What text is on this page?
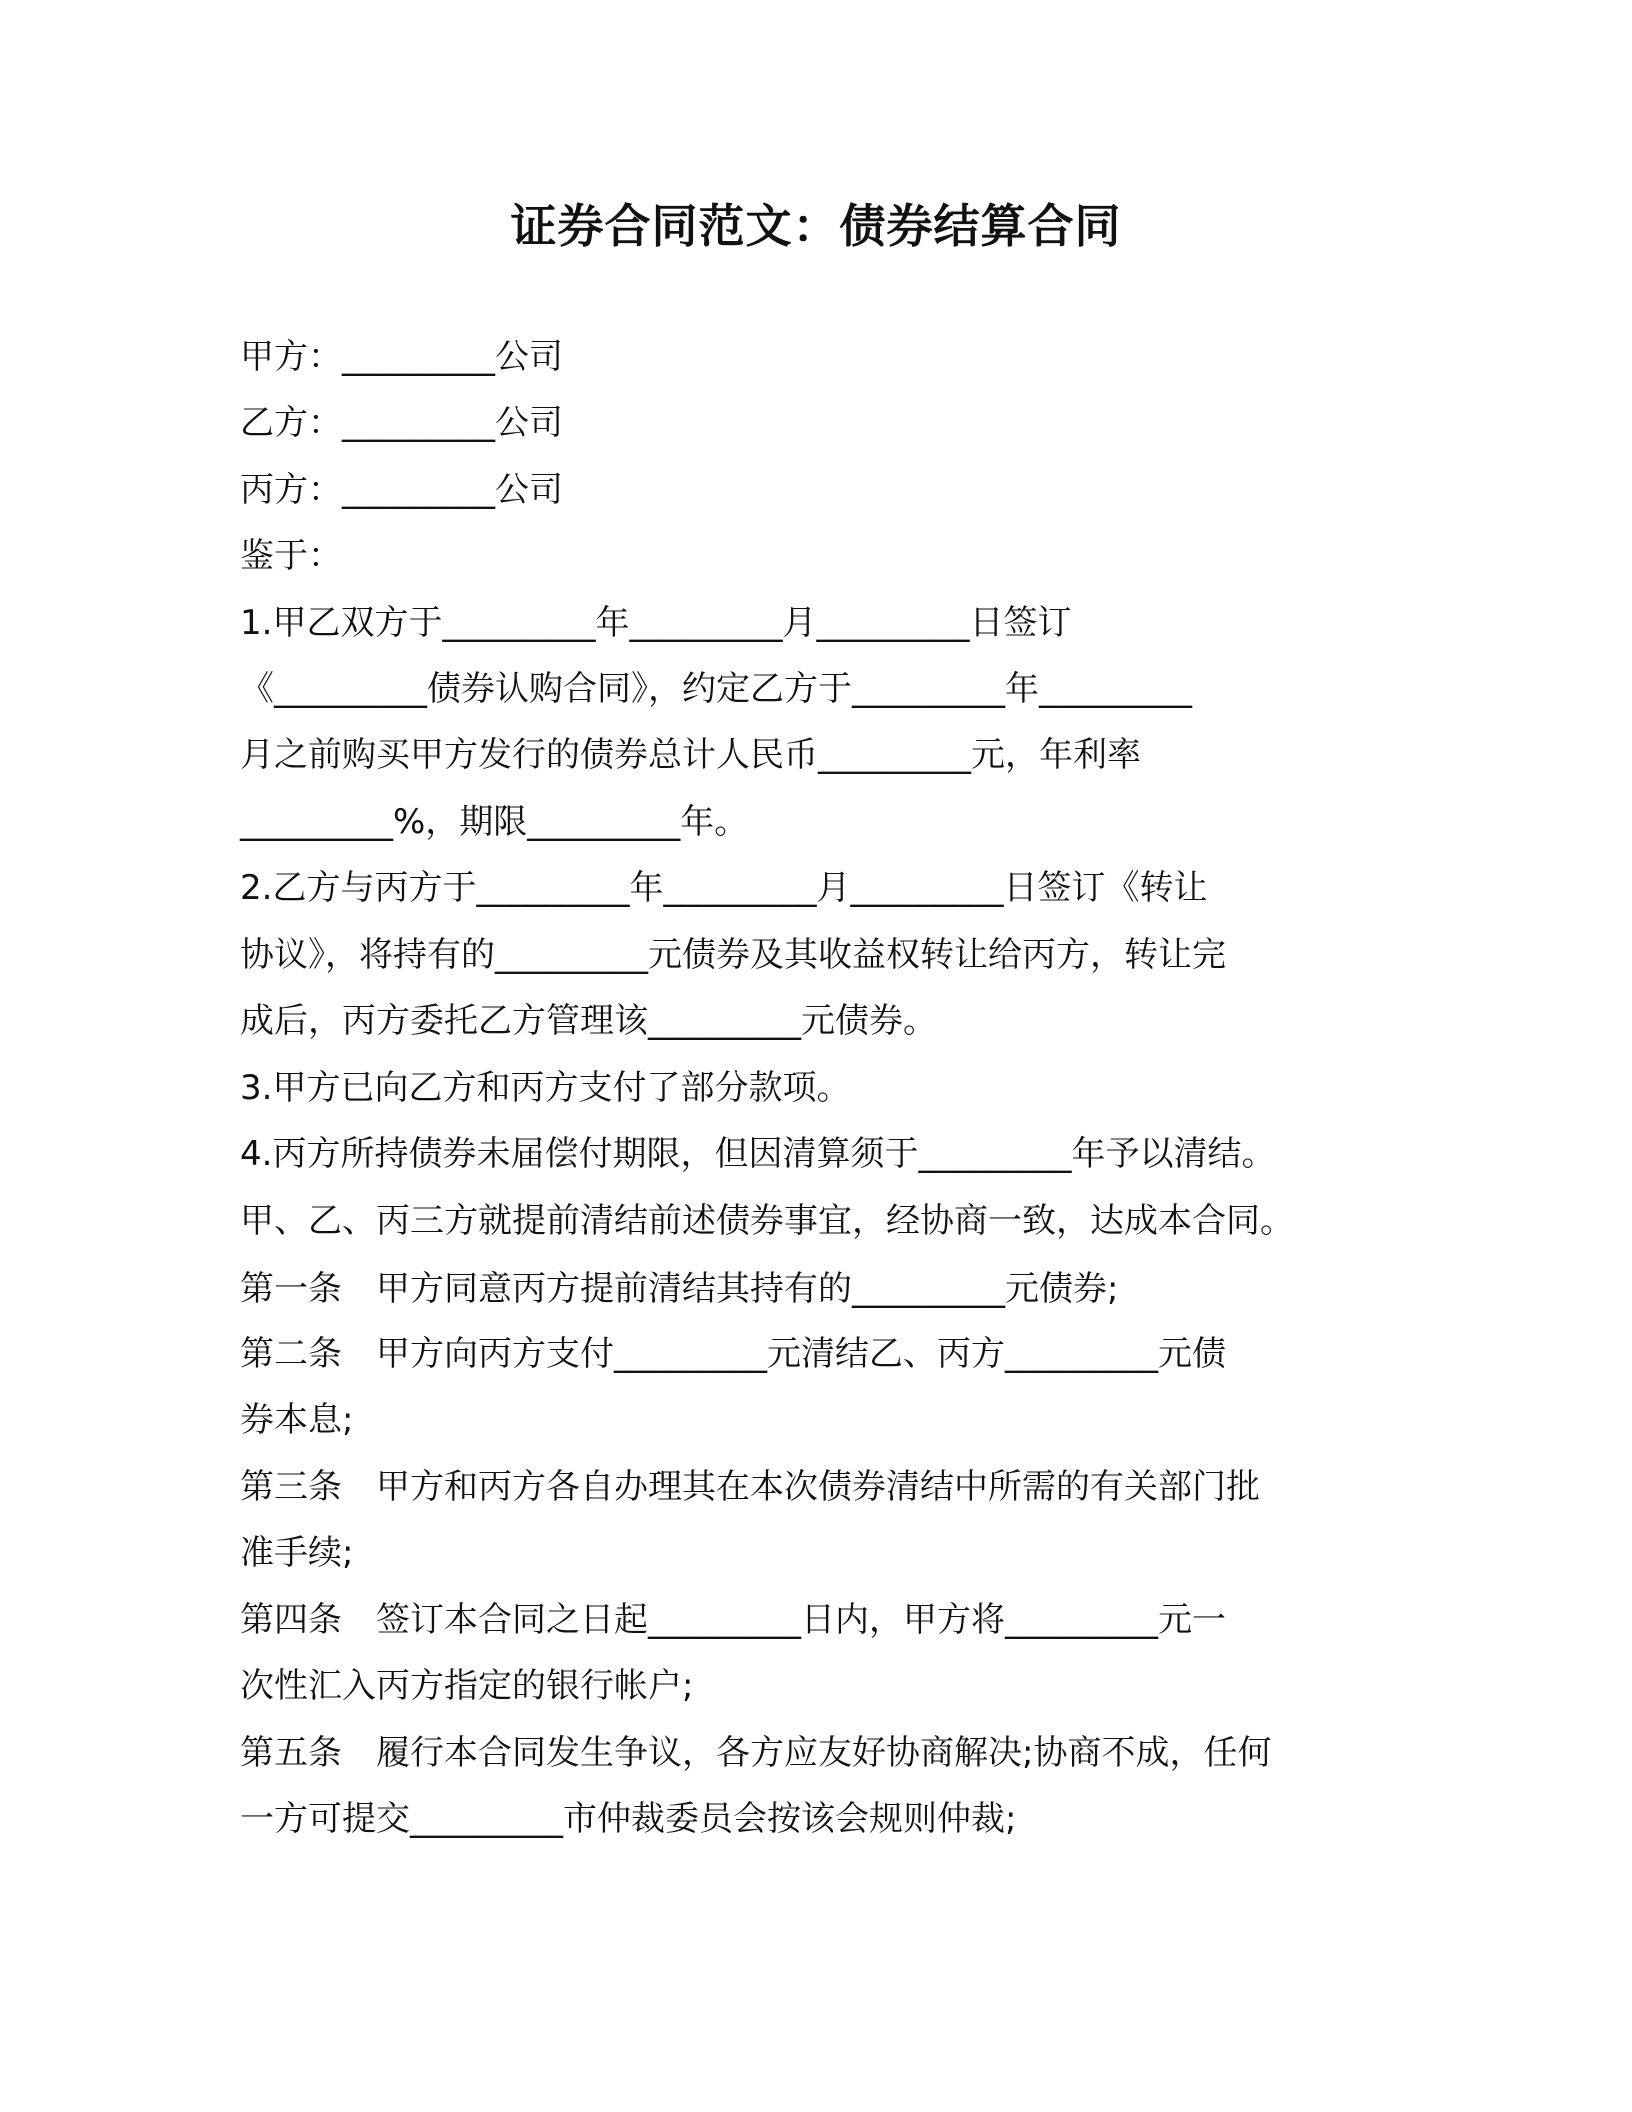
证券合同范文：债券结算合同
甲方：_________公司
乙方：_________公司
丙方：_________公司
鉴于：
1.甲乙双方于_________年_________月_________日签订
《_________债券认购合同》，约定乙方于_________年_________
月之前购买甲方发行的债券总计人民币_________元，年利率
_________%，期限_________年。
2.乙方与丙方于_________年_________月_________日签订《转让
协议》，将持有的_________元债券及其收益权转让给丙方，转让完
成后，丙方委托乙方管理该_________元债券。
3.甲方已向乙方和丙方支付了部分款项。
4.丙方所持债券未届偿付期限，但因清算须于_________年予以清结。
甲、乙、丙三方就提前清结前述债券事宜，经协商一致，达成本合同。
第一条　甲方同意丙方提前清结其持有的_________元债券;
第二条　甲方向丙方支付_________元清结乙、丙方_________元债
券本息;
第三条　甲方和丙方各自办理其在本次债券清结中所需的有关部门批
准手续;
第四条　签订本合同之日起_________日内，甲方将_________元一
次性汇入丙方指定的银行帐户;
第五条　履行本合同发生争议，各方应友好协商解决;协商不成，任何
一方可提交_________市仲裁委员会按该会规则仲裁;
